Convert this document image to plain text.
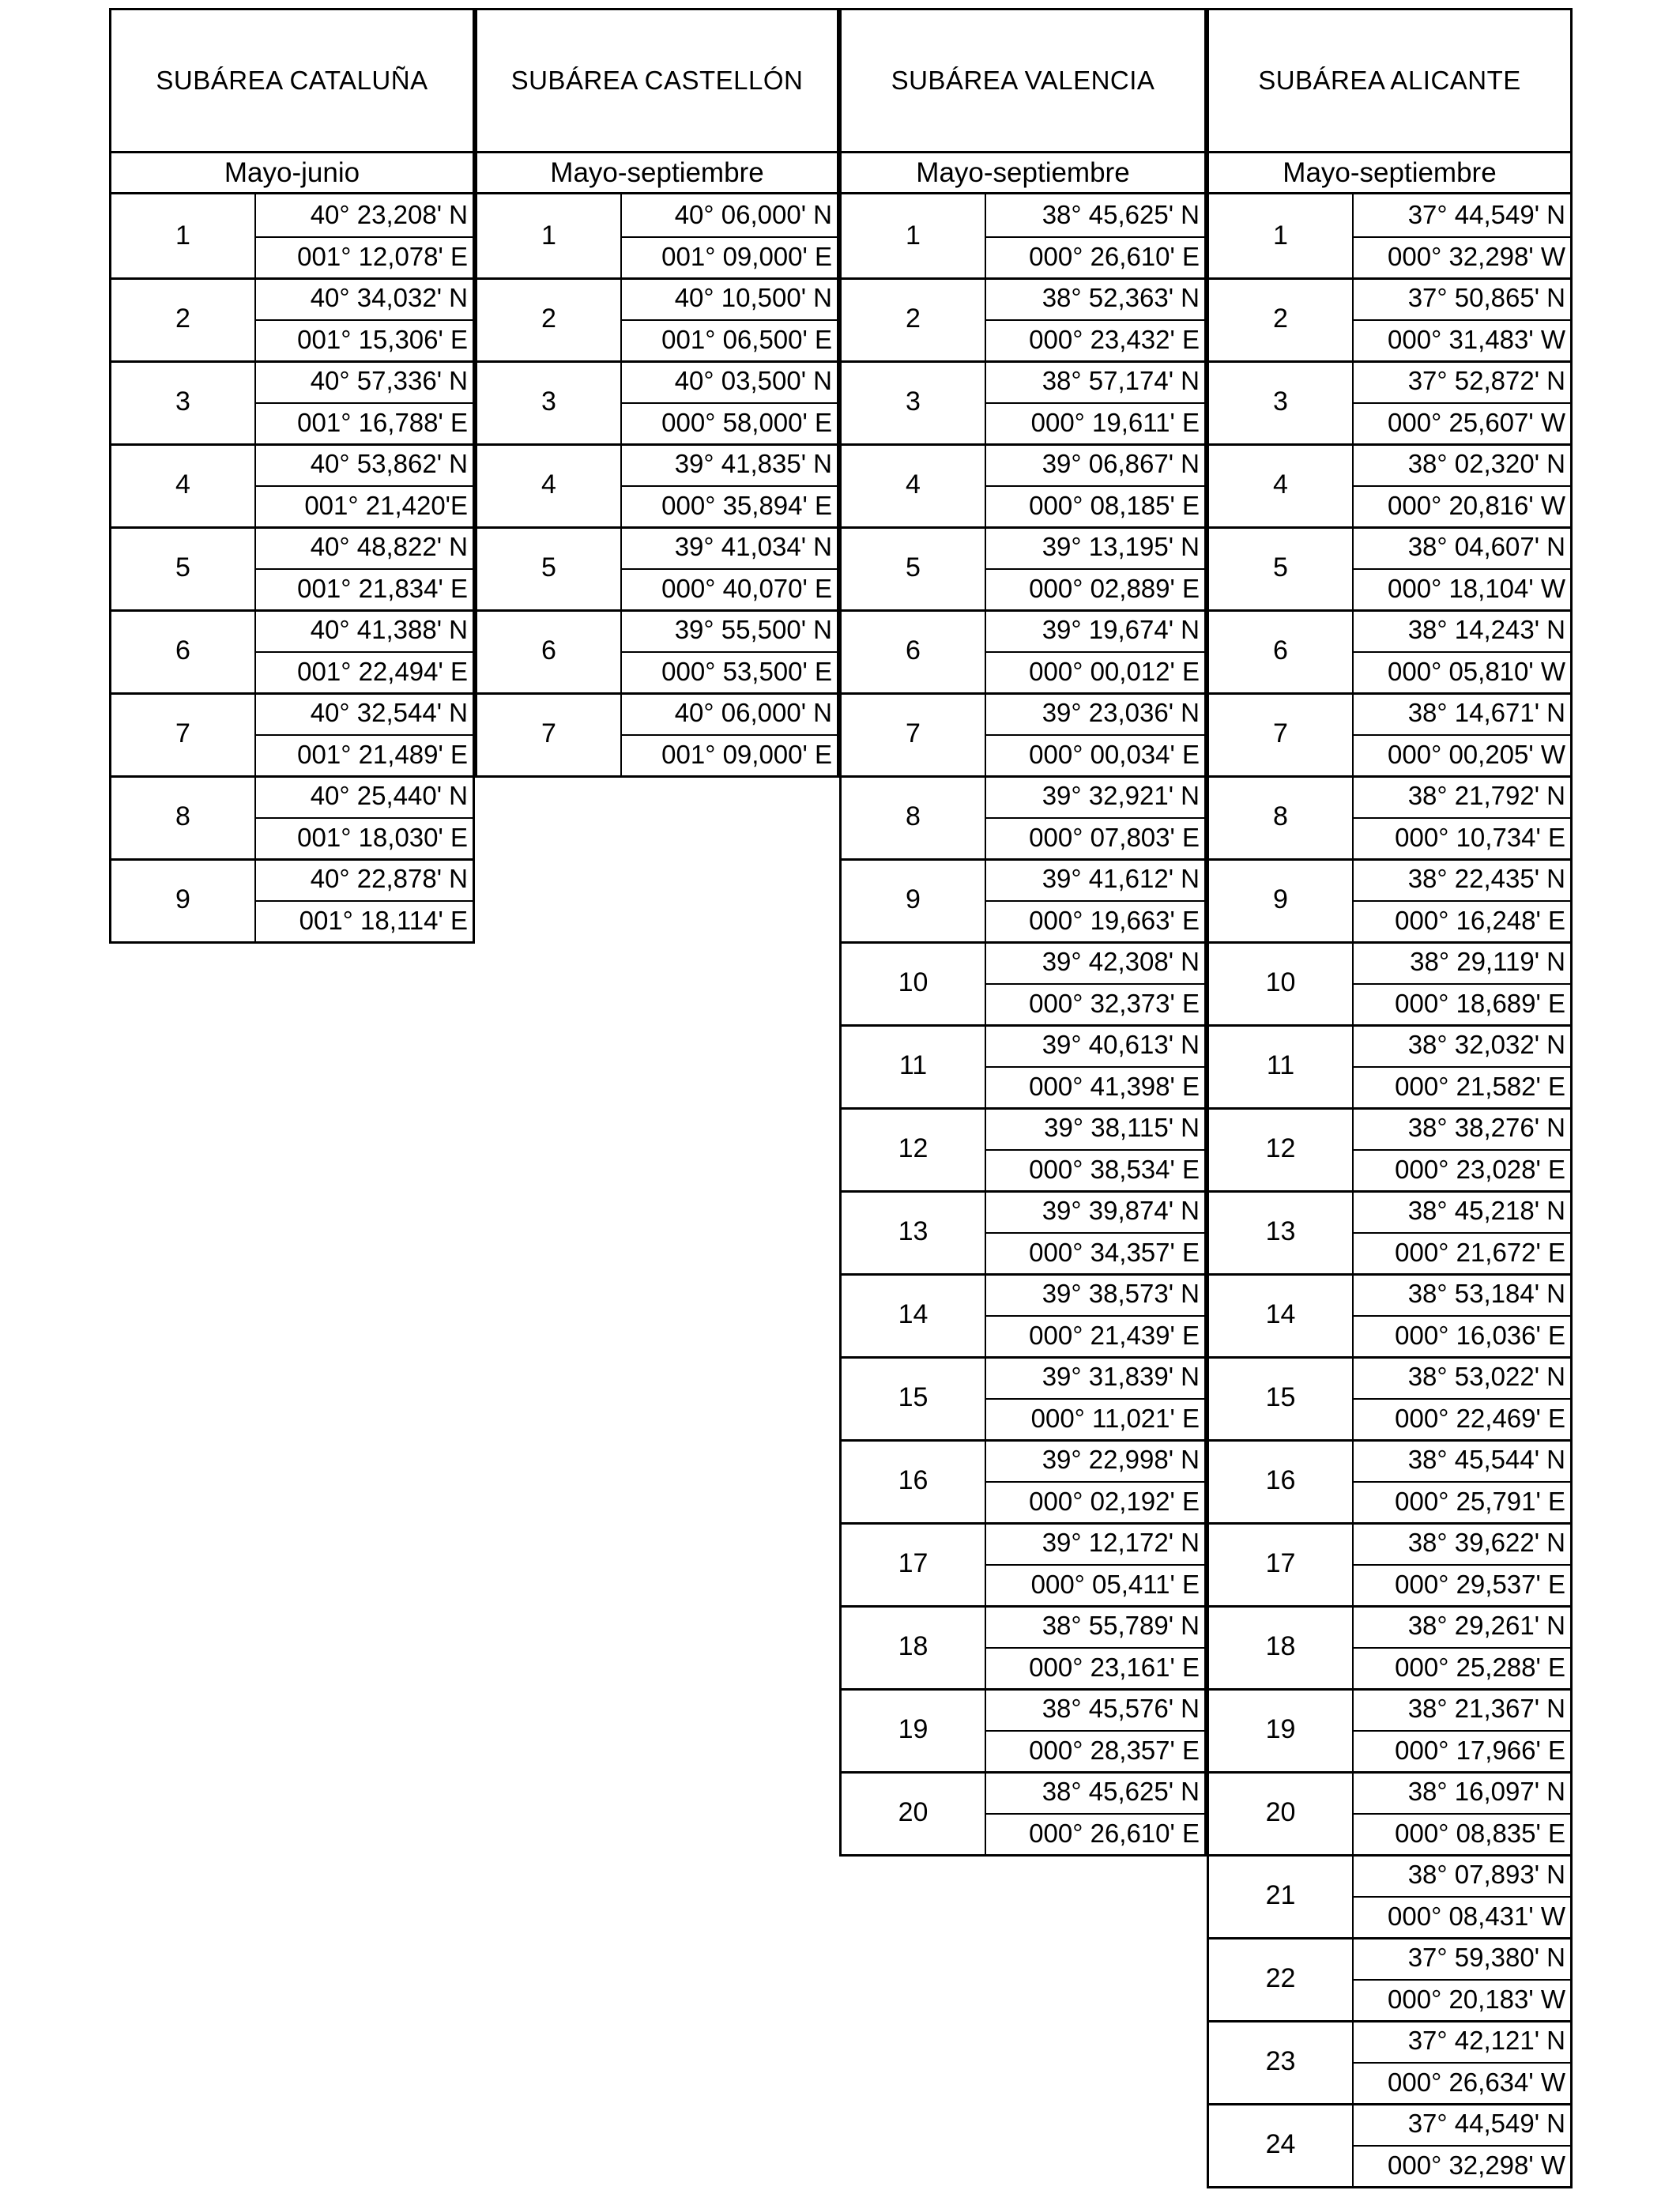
SUBÁREA CATALUÑA
Mayo-junio
1
40° 23,208' N
001° 12,078' E
2
40° 34,032' N
001° 15,306' E
3
40° 57,336' N
001° 16,788' E
4
40° 53,862' N
001° 21,420'E
5
40° 48,822' N
001° 21,834' E
6
40° 41,388' N
001° 22,494' E
7
40° 32,544' N
001° 21,489' E
8
40° 25,440' N
001° 18,030' E
9
40° 22,878' N
001° 18,114' E
SUBÁREA CASTELLÓN
Mayo-septiembre
1
40° 06,000' N
001° 09,000' E
2
40° 10,500' N
001° 06,500' E
3
40° 03,500' N
000° 58,000' E
4
39° 41,835' N
000° 35,894' E
5
39° 41,034' N
000° 40,070' E
6
39° 55,500' N
000° 53,500' E
7
40° 06,000' N
001° 09,000' E
SUBÁREA VALENCIA
Mayo-septiembre
1
38° 45,625' N
000° 26,610' E
2
38° 52,363' N
000° 23,432' E
3
38° 57,174' N
000° 19,611' E
4
39° 06,867' N
000° 08,185' E
5
39° 13,195' N
000° 02,889' E
6
39° 19,674' N
000° 00,012' E
7
39° 23,036' N
000° 00,034' E
8
39° 32,921' N
000° 07,803' E
9
39° 41,612' N
000° 19,663' E
10
39° 42,308' N
000° 32,373' E
11
39° 40,613' N
000° 41,398' E
12
39° 38,115' N
000° 38,534' E
13
39° 39,874' N
000° 34,357' E
14
39° 38,573' N
000° 21,439' E
15
39° 31,839' N
000° 11,021' E
16
39° 22,998' N
000° 02,192' E
17
39° 12,172' N
000° 05,411' E
18
38° 55,789' N
000° 23,161' E
19
38° 45,576' N
000° 28,357' E
20
38° 45,625' N
000° 26,610' E
SUBÁREA ALICANTE
Mayo-septiembre
1
37° 44,549' N
000° 32,298' W
2
37° 50,865' N
000° 31,483' W
3
37° 52,872' N
000° 25,607' W
4
38° 02,320' N
000° 20,816' W
5
38° 04,607' N
000° 18,104' W
6
38° 14,243' N
000° 05,810' W
7
38° 14,671' N
000° 00,205' W
8
38° 21,792' N
000° 10,734' E
9
38° 22,435' N
000° 16,248' E
10
38° 29,119' N
000° 18,689' E
11
38° 32,032' N
000° 21,582' E
12
38° 38,276' N
000° 23,028' E
13
38° 45,218' N
000° 21,672' E
14
38° 53,184' N
000° 16,036' E
15
38° 53,022' N
000° 22,469' E
16
38° 45,544' N
000° 25,791' E
17
38° 39,622' N
000° 29,537' E
18
38° 29,261' N
000° 25,288' E
19
38° 21,367' N
000° 17,966' E
20
38° 16,097' N
000° 08,835' E
21
38° 07,893' N
000° 08,431' W
22
37° 59,380' N
000° 20,183' W
23
37° 42,121' N
000° 26,634' W
24
37° 44,549' N
000° 32,298' W
